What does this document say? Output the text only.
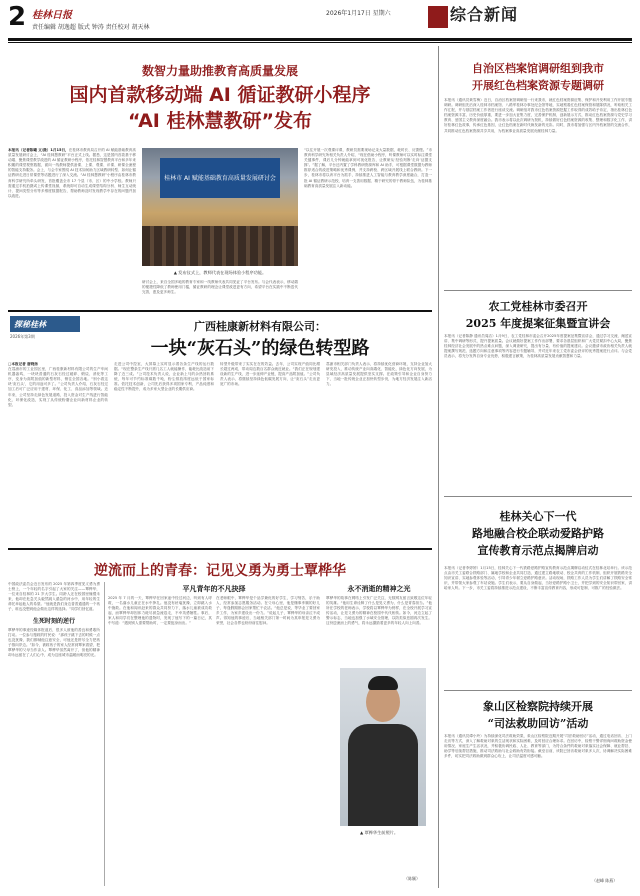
2 桂林日报
责任编辑 胡逸超 版式 钟涛 责任校对 胡天林
2026年1月17日 星期六	综合新闻
数智力量助推教育高质量发展
国内首款移动端 AI 循证教研小程序
“AI 桂林慧教研”发布
本报讯（记者陈曦 文/摄）1月15日，在桂林市教育局召开的 AI 赋能基础教育高质量发展研讨会上，“AI 桂林慧教研”平台正式上线。据悉，这是国内首款基于移动端、聚焦课堂教学改进的 AI 循证教研小程序，依托桂林智慧教育平台和多年来积累的课堂观察数据，面向一线教师提供备课、上课、观课、评课、研课全流程的智能支持服务。会上，与会专家围绕 AI 技术如何助力区域教研转型、如何让循证教研走进日常课堂等话题进行了深入交流。“AI 桂林慧教研”小程序由桂林市教育科学研究所牵头研发，首批覆盖全市 17 个县（市、区）的中小学校。教师只需通过手机拍摄或上传课堂视频，系统即可自动生成课堂结构分析、师生互动统计、提问类型分布等多维度数据报告，帮助教师及时发现教学中存在的问题并加以改进。
桂林市 AI 赋能基础教育高质量发展研讨会
▲ 发布仪式上，教师代表在现场体验小程序功能。
研讨会上，来自全国多地的教育专家和一线教师代表共同见证了平台发布。与会代表表示，移动端的便捷性降低了教师使用门槛，循证教研的理念让课堂改进更有方向，希望平台在实践中不断迭代完善，惠及更多师生。
“以往开展一次观课评课，教研员需要现场记录大量数据，耗时长、反馈慢。”市教育科学研究所相关负责人介绍，“现在借助小程序，听课教师可以实时标注课堂关键事件，课后几分钟就能拿到可视化报告，让教研从‘经验判断’走向‘证据支撑’。”据了解，平台还内置了学科教研资源库和 AI 助手，可根据课堂数据为教师推荐适合的改进策略和优秀课例，并支持跨校、跨区域开展线上联合教研。下一步，桂林市将以该平台为抓手，持续推进人工智能与教育教学深度融合，打造一批 AI 循证教研示范校，培育一支善用数据、精于研究的骨干教师队伍，为桂林基础教育高质量发展注入新动能。
探秘桂林
2026年第3期
广西桂康新材料有限公司：
一块“灰石头”的绿色转型路
□本报记者 唐晓扬
在荔浦市的工业园区里，广西桂康新材料有限公司的生产车间机器轰鸣，一块块普通的石灰石经过破碎、煅烧、消化等工序，变身为高附加值的新型材料，销往全国各地。“别小看这块‘灰石头’，它的用途可多了。”公司负责人介绍，石灰石经过加工后可广泛应用于建材、环保、化工、食品添加等领域。近年来，公司坚持走绿色发展道路，投入资金对生产线进行智能化、环保化改造，实现了从传统粉磨企业向新材料企业的转型。
走进公司中控室，大屏幕上实时显示着各条生产线的运行数据。“现在整条生产线只需几名工人就能操作，能耗比改造前下降了近三成。”公司技术负责人说，企业新上马的余热回收系统，每年可节约标准煤数千吨，粉尘排放浓度远低于国家标准。依托技术创新，公司先后获得多项国家专利，产品纯度和稳定性不断提升，成为多家大型企业的长期供应商。
转型升级带来了实实在在的效益。去年，公司实现产值同比增长超过两成，带动周边数百名群众就近就业。“我们正在规划建设新的生产线，进一步延伸产业链，提高产品附加值。”公司负责人表示，将继续坚持绿色低碳发展方向，让“灰石头”走出更宽广的市场。
荔浦市相关部门负责人表示，将持续优化营商环境，支持企业加大研发投入，推动传统产业向高端化、智能化、绿色化方向发展，为县域经济高质量发展提供坚实支撑。在政策引导和企业自身努力下，当地一批传统企业正加快转型步伐，为地方经济发展注入新活力。
逆流而上的青春：记见义勇为勇士覃桦华
中国政法委员会近日发布的 2025 年第四季度见义勇为勇士榜上，一个年轻的名字引起了大家的关注——覃桦华，一位来自桂林的 21 岁大学生。同龄人还在校园里憧憬未来，他却在危急关头毅然跳入湍急的河水中，用年轻的生命托举起他人的希望。“他就是我们身边普普通通的一个孩子，谁也没想到他会做出这样的选择。”同学们回忆道。

生死时刻的逆行
覃桦华的事迹经媒体报道后，很多人被他的善良和勇敢所打动。一位参与搜救的村民说：“那孩子跳下去的时候一点也没犹豫，我们都喊他注意安全，可他还是拼尽全力把孩子推向岸边。”如今，被救孩子的家人经常到覃家看望，把覃桦华的父母当作亲人。覃桦华虽然离开了，但他的精神却永远留在了人们心中，成为这座城市温暖而明亮的光。
平凡青年的不凡抉择
2025 年 7 月的一天，覃桦华在回家途中经过河边，听到有人呼救，一名落水儿童正在水中挣扎。他没有丝毫犹豫，立即跳入水中施救。在他和闻讯赶来的群众共同努力下，落水儿童被成功救起，而覃桦华却因体力耗尽被急流卷走，不幸英勇牺牲。事后，家人和同学们在整理他的遗物时，发现了他写下的一篇日记，其中写道：“遇到别人需要帮助时，一定要挺身而出。”
在老师眼中，覃桦华是个品学兼优的好学生，学习刻苦，乐于助人，经常参加志愿服务活动。在父母心里，他是懂事孝顺的好儿子，每逢假期都会回家帮忙干农活。“他总是说，等毕业了要回家乡工作，为家乡建设出一份力。”说起儿子，覃桦华的母亲泣不成声。得知他的事迹后，当地相关部门第一时间为其申报见义勇为荣誉，社会各界也纷纷前往慰问。
永不消逝的精神之光
覃桦华的故事在网络上引发广泛关注，无数网友留言致敬这位年轻的英雄。“他用生命诠释了什么是见义勇为，什么是青春担当。”他所在学校的老师表示，学校将以覃桦华为榜样，在全校开展学习宣传活动，让见义勇为的精神在校园中代代相传。如今，河边立起了警示标志，当地也加强了水域安全管理，以防类似悲剧再次发生。这份逆流而上的勇气，将永远激励着更多的年轻人向上向善。
▲ 覃桦华生前照片。
（陈颖）
自治区档案馆调研组到我市
开展红色档案资源专题调研
本报讯（通讯员黄雪梅）近日，自治区档案馆调研组一行来我市，就红色档案资源征集、保护和开发利用工作开展专题调研。调研组先后深入桂林市档案馆、八路军桂林办事处纪念馆等地，实地察看红色档案保管和展陈情况，听取相关工作汇报，并与基层档案工作者进行座谈交流。调研组对我市红色档案资源挖掘工作取得的成效给予肯定，指出桂林红色档案资源丰富，历史价值厚重，要进一步加大征集力度，完善保护机制，创新展示方式，推动红色档案资源与党史学习教育、爱国主义教育深度融合。我市表示将以此次调研为契机，持续做好红色档案资源的收集、整理和数字化工作，讲好桂林红色故事，传承红色基因，让红色档案在新时代焕发新的光彩。同时，我市将加强与区内外档案馆的交流合作，共同推动红色档案资源共享共用，为档案事业高质量发展贡献桂林力量。
农工党桂林市委召开
2025 年度提案征集暨宣讲会
本报讯（记者陈静 通讯员周洁）1月9日，农工党桂林市委会召开2025年度提案征集暨宣讲会，通过学习交流、阐述宣讲、集中调研等形式，提升提案质量。会议就做好提案工作作出部署，要求各基层组织和广大党员紧扣中心大局，聚焦桂林经济社会发展中的热点难点问题，深入调查研究，提出有分量、有价值的提案建议。会议邀请市政协相关负责人就提案撰写规范、选题方向和注意事项等内容进行专题辅导，并对近年来农工党市委会获评的优秀提案进行点评。与会党员表示，将充分发挥自身专业优势，积极建言献策，为桂林高质量发展贡献智慧和力量。
桂林关心下一代
路地融合校企联动爱路护路
宣传教育示范点揭牌启动
本报讯（记者李婷婷）1月15日，桂林关心下一代铁路爱路护路宣传教育示范点揭牌启动仪式在桂林北站举行。该示范点由市关工委联合铁路部门、属地学校和企业共同打造，通过建立路地联动、校企共育的工作机制，组织开展铁路安全知识宣讲、实地参观体验等活动，引导青少年树立爱路护路意识。活动现场，铁路工作人员为学生们讲解了铁路安全常识，并带领大家参观了车站设施。学生们表示，要从自身做起，当好爱路护路小卫士，并把学到的安全知识带回家，讲给家人听。下一步，市关工委将持续推进示范点建设，不断丰富宣传教育内容，形成可复制、可推广的经验做法。
象山区检察院持续开展
“司法救助回访”活动
本报讯（通讯员谭小玲）为持续深化司法救助效果，象山区检察院近期开展“司法救助回访”活动，通过电话回访、上门走访等方式，深入了解救助对象的生活现状和实际困难，及时回应合理诉求。在回访中，检察干警详细询问救助资金使用情况、家庭生产生活状况，并积极协调民政、人社、教育等部门，为符合条件的救助对象落实社会保障、就业帮扶、助学等后续帮扶措施，推动司法救助与社会救助有效衔接。截至目前，该院已回访救助对象多人次，协调解决实际困难多件，切实把司法救助做到群众心坎上，让司法温度可感可触。
（赵峰 陈燕）
